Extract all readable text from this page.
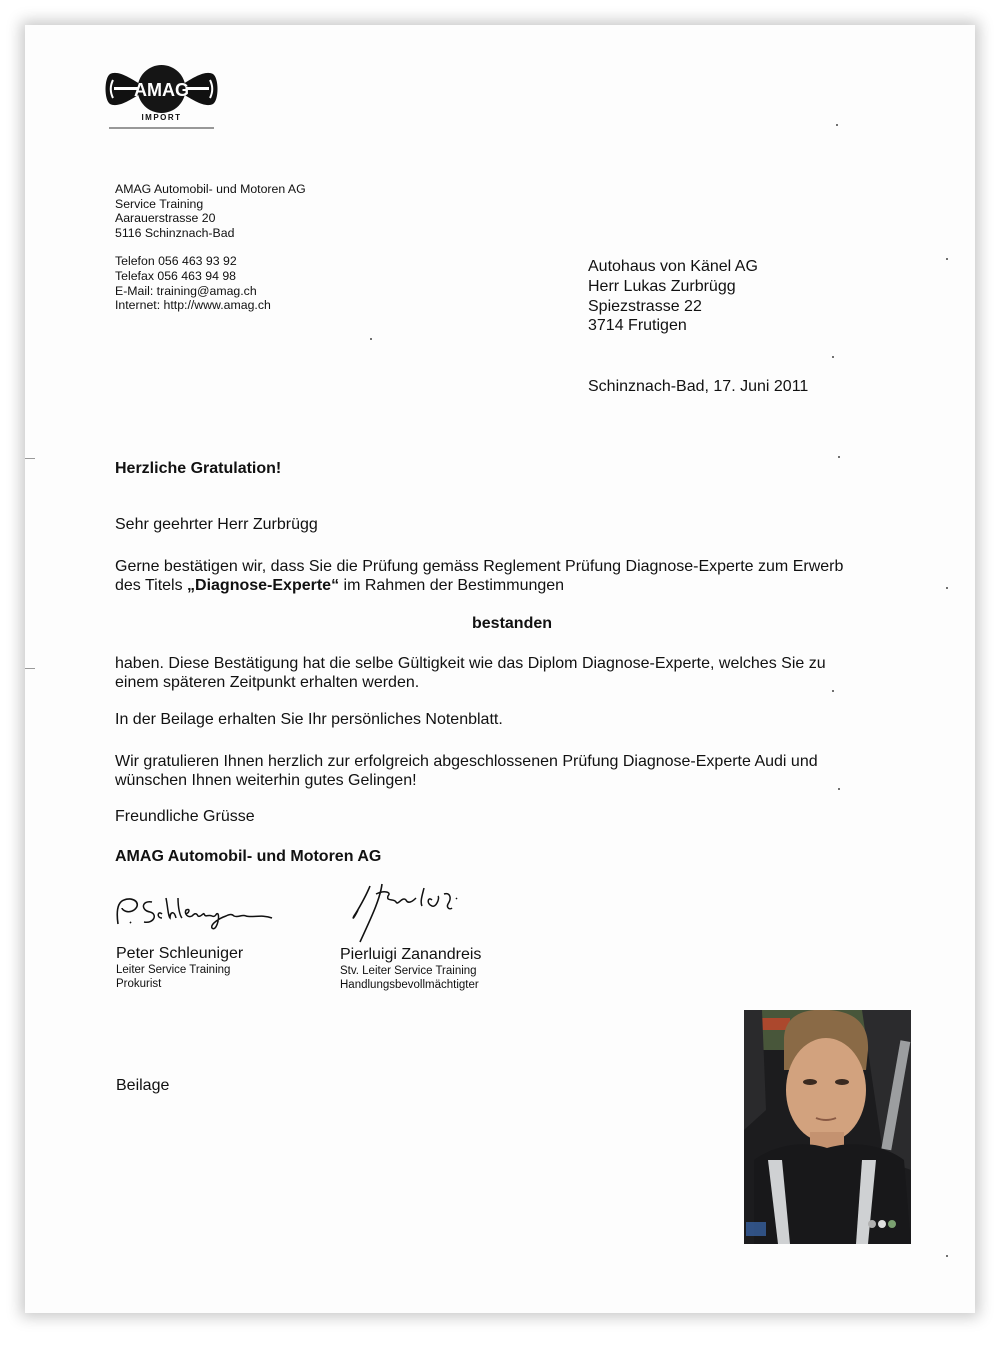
AMAG
IMPORT
AMAG Automobil- und Motoren AG
Service Training
Aarauerstrasse 20
5116 Schinznach-Bad
Telefon 056 463 93 92
Telefax 056 463 94 98
E-Mail: training@amag.ch
Internet: http://www.amag.ch
Autohaus von Känel AG
Herr Lukas Zurbrügg
Spiezstrasse 22
3714 Frutigen
Schinznach-Bad, 17. Juni 2011
Herzliche Gratulation!
Sehr geehrter Herr Zurbrügg
Gerne bestätigen wir, dass Sie die Prüfung gemäss Reglement Prüfung Diagnose-Experte zum Erwerb
des Titels „Diagnose-Experte“ im Rahmen der Bestimmungen
bestanden
haben. Diese Bestätigung hat die selbe Gültigkeit wie das Diplom Diagnose-Experte, welches Sie zu
einem späteren Zeitpunkt erhalten werden.
In der Beilage erhalten Sie Ihr persönliches Notenblatt.
Wir gratulieren Ihnen herzlich zur erfolgreich abgeschlossenen Prüfung Diagnose-Experte Audi und
wünschen Ihnen weiterhin gutes Gelingen!
Freundliche Grüsse
AMAG Automobil- und Motoren AG
Peter Schleuniger
Leiter Service Training
Prokurist
Pierluigi Zanandreis
Stv. Leiter Service Training
Handlungsbevollmächtigter
Beilage
